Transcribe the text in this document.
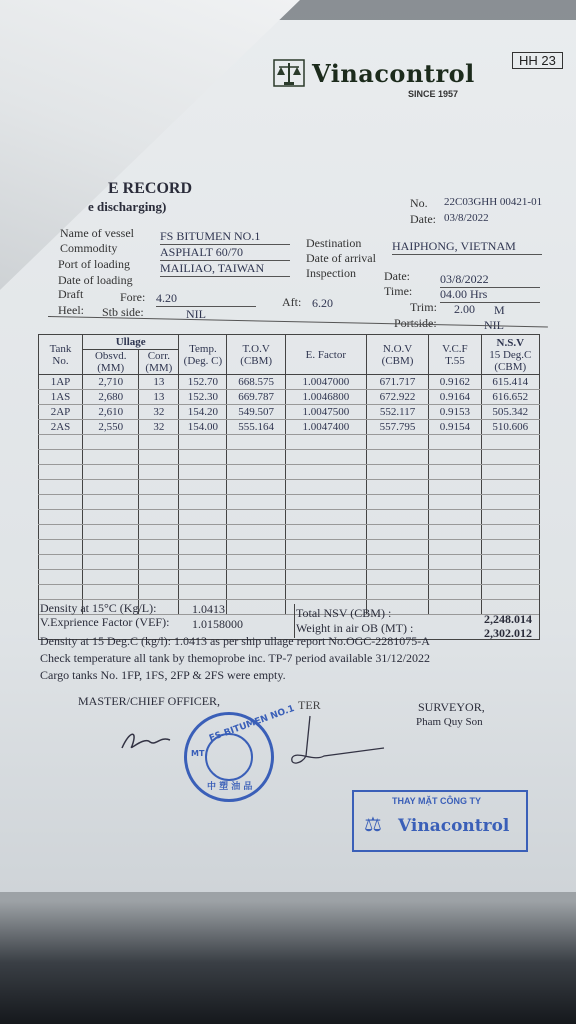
HH 23
Vinacontrol
SINCE 1957
E RECORD
e discharging)	No. 22C03GHH 00421-01
Date: 03/8/2022
Name of vessel FS BITUMEN NO.1
Commodity	ASPHALT 60/70
Port of loading	MAILIAO, TAIWAN
Date of loading
Destination	HAIPHONG, VIETNAM
Date of arrival
Inspection Date:	03/8/2022
Time: 04.00 Hrs
Draft	Fore: 4.20	Aft: 6.20	Trim: 2.00 M
Heel: Stb side:	NIL
Portside:	NIL
Tank No.	Ullage		Temp. (Deg. C)	T.O.V (CBM)	E. Factor	N.O.V (CBM)	V.C.F T.55	N.S.V
15 Deg.C (CBM)

	Obsvd. (MM)	Corr. (MM)						
1AP	2,710	13	152.70	668.575	1.0047000	671.717	0.9162	615.414
1AS	2,680	13	152.30	669.787	1.0046800	672.922	0.9164	616.652
2AP	2,610	32	154.20	549.507	1.0047500	552.117	0.9153	505.342
2AS	2,550	32	154.00	555.164	1.0047400	557.795	0.9154	510.606

Density at 15°C (Kg/L):	1.0413
V.Exprience Factor (VEF): 1.0158000
Total NSV (CBM) :	2,248.014
Weight in air OB (MT) :	2,302.012
Density at 15 Deg.C (kg/l): 1.0413 as per ship ullage report No.OGC-2281075-A
Check temperature all tank by themoprobe inc. TP-7 period available 31/12/2022
Cargo tanks No. 1FP, 1FS, 2FP & 2FS were empty.
MASTER/CHIEF OFFICER,	TER	SURVEYOR,
Pham Quy Son
FS BITUMEN NO.1
MT
中 塑 油 品
THAY MẶT CÔNG TY
⚖ Vinacontrol
